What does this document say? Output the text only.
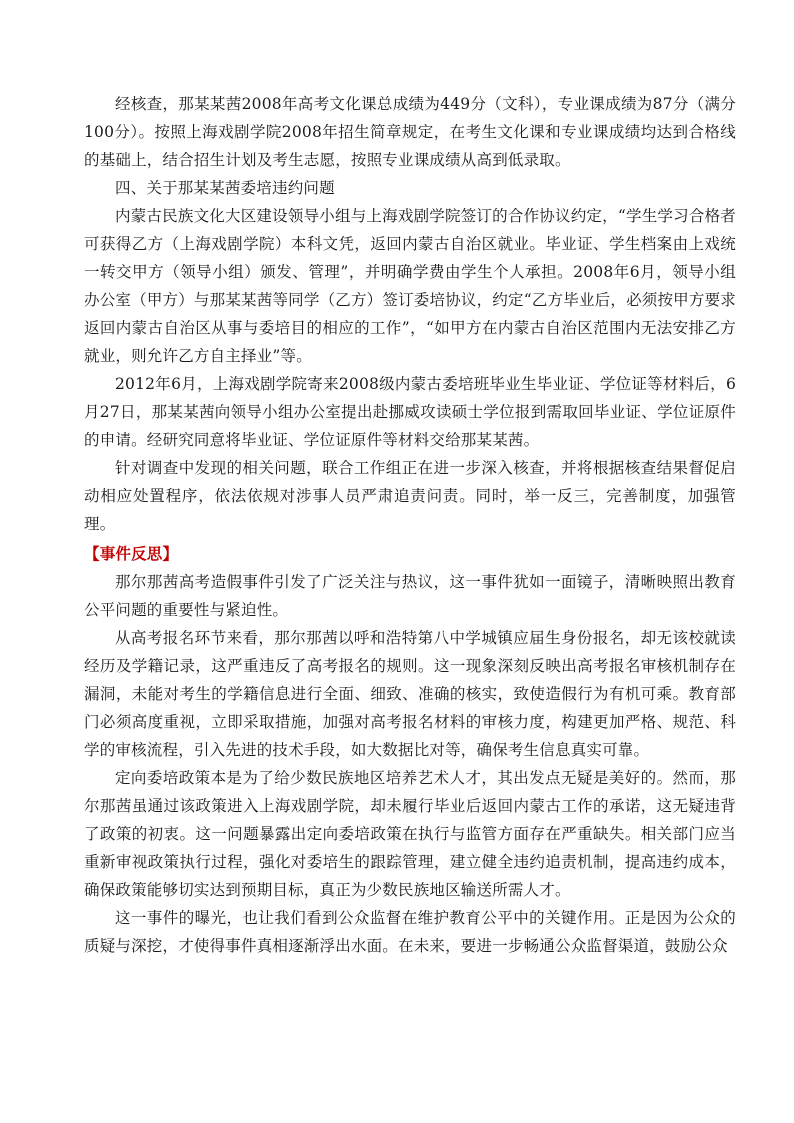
经核查，那某某茜2008年高考文化课总成绩为449分（文科），专业课成绩为87分（满分100分）。按照上海戏剧学院2008年招生简章规定，在考生文化课和专业课成绩均达到合格线的基础上，结合招生计划及考生志愿，按照专业课成绩从高到低录取。

四、关于那某某茜委培违约问题

内蒙古民族文化大区建设领导小组与上海戏剧学院签订的合作协议约定，“学生学习合格者可获得乙方（上海戏剧学院）本科文凭，返回内蒙古自治区就业。毕业证、学生档案由上戏统一转交甲方（领导小组）颁发、管理”，并明确学费由学生个人承担。2008年6月，领导小组办公室（甲方）与那某某茜等同学（乙方）签订委培协议，约定“乙方毕业后，必须按甲方要求返回内蒙古自治区从事与委培目的相应的工作”，“如甲方在内蒙古自治区范围内无法安排乙方就业，则允许乙方自主择业”等。

2012年6月，上海戏剧学院寄来2008级内蒙古委培班毕业生毕业证、学位证等材料后，6月27日，那某某茜向领导小组办公室提出赴挪威攻读硕士学位报到需取回毕业证、学位证原件的申请。经研究同意将毕业证、学位证原件等材料交给那某某茜。

针对调查中发现的相关问题，联合工作组正在进一步深入核查，并将根据核查结果督促启动相应处置程序，依法依规对涉事人员严肃追责问责。同时，举一反三，完善制度，加强管理。

【事件反思】

那尔那茜高考造假事件引发了广泛关注与热议，这一事件犹如一面镜子，清晰映照出教育公平问题的重要性与紧迫性。

从高考报名环节来看，那尔那茜以呼和浩特第八中学城镇应届生身份报名，却无该校就读经历及学籍记录，这严重违反了高考报名的规则。这一现象深刻反映出高考报名审核机制存在漏洞，未能对考生的学籍信息进行全面、细致、准确的核实，致使造假行为有机可乘。教育部门必须高度重视，立即采取措施，加强对高考报名材料的审核力度，构建更加严格、规范、科学的审核流程，引入先进的技术手段，如大数据比对等，确保考生信息真实可靠。

定向委培政策本是为了给少数民族地区培养艺术人才，其出发点无疑是美好的。然而，那尔那茜虽通过该政策进入上海戏剧学院，却未履行毕业后返回内蒙古工作的承诺，这无疑违背了政策的初衷。这一问题暴露出定向委培政策在执行与监管方面存在严重缺失。相关部门应当重新审视政策执行过程，强化对委培生的跟踪管理，建立健全违约追责机制，提高违约成本，确保政策能够切实达到预期目标，真正为少数民族地区输送所需人才。

这一事件的曝光，也让我们看到公众监督在维护教育公平中的关键作用。正是因为公众的质疑与深挖，才使得事件真相逐渐浮出水面。在未来，要进一步畅通公众监督渠道，鼓励公众
